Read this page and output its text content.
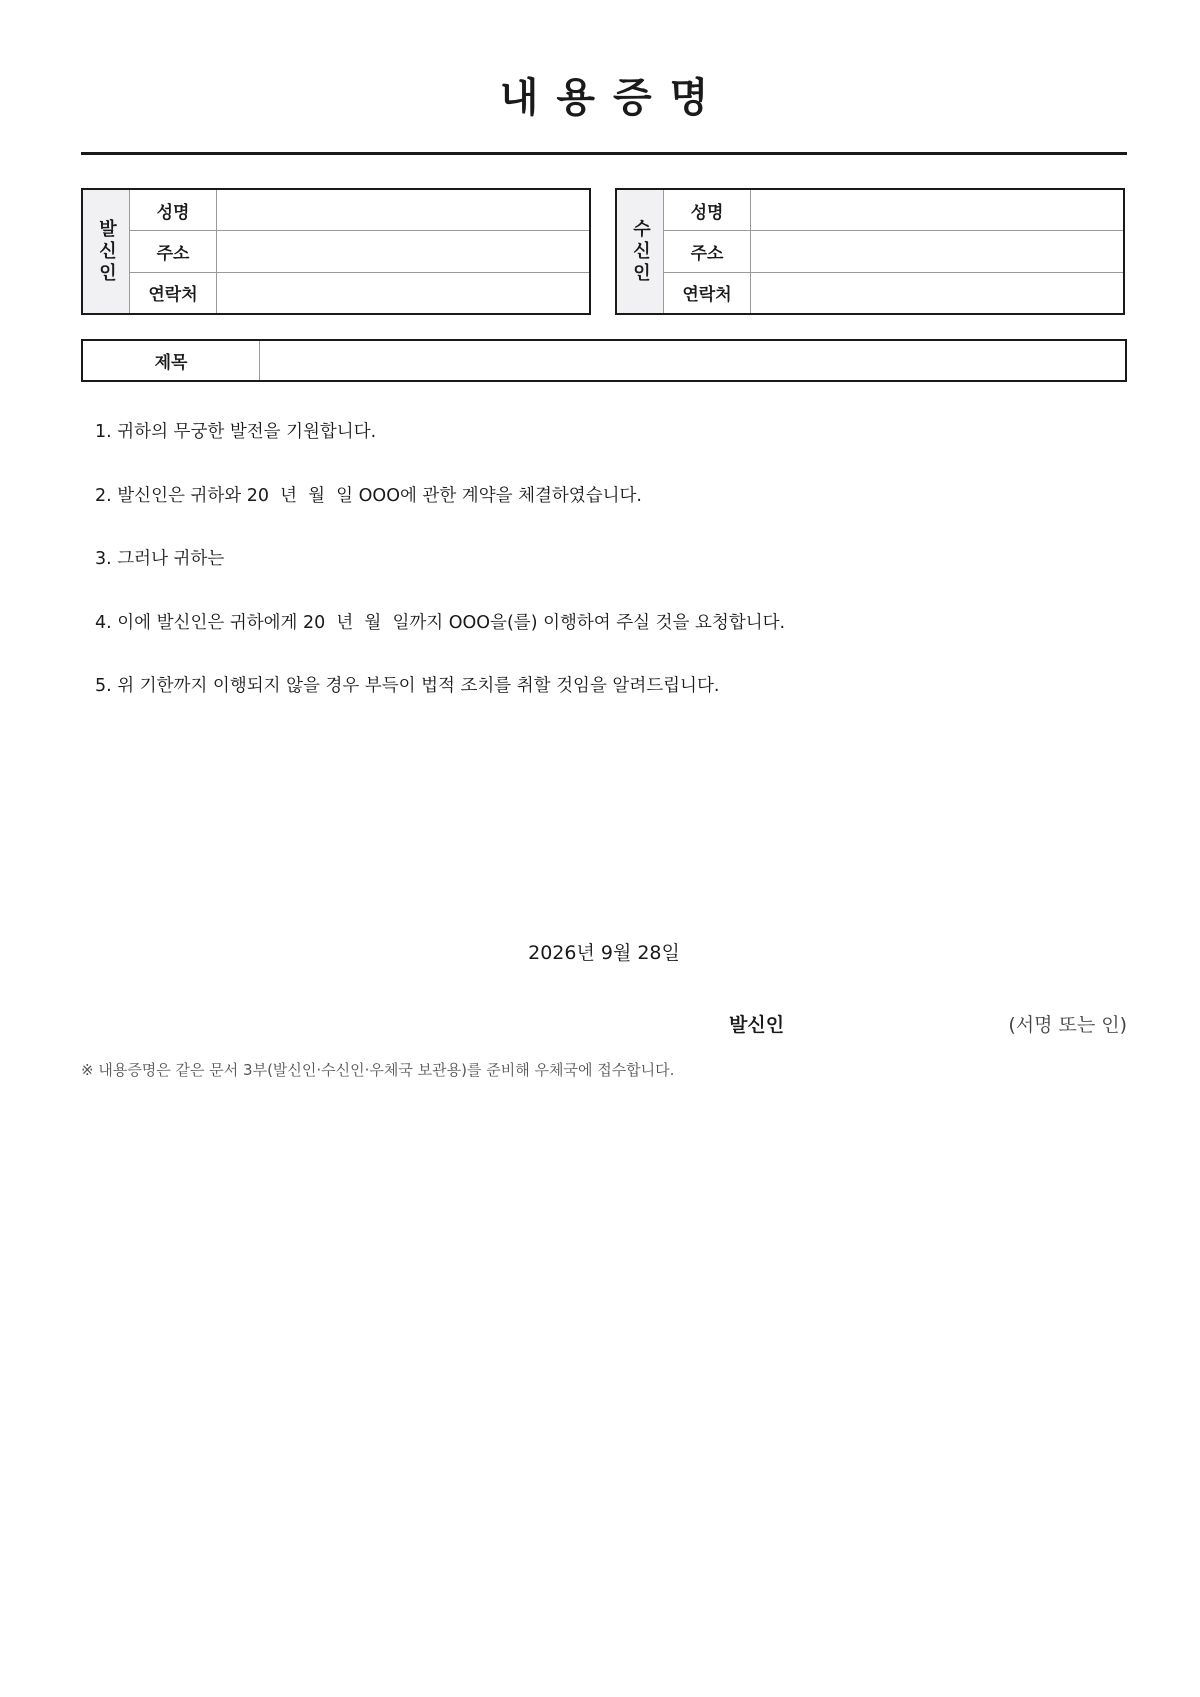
내용증명
발신인
성명
주소
연락처
수신인
성명
주소
연락처
제목
1. 귀하의 무궁한 발전을 기원합니다.
2. 발신인은 귀하와 20  년  월  일 OOO에 관한 계약을 체결하였습니다.
3. 그러나 귀하는
4. 이에 발신인은 귀하에게 20  년  월  일까지 OOO을(를) 이행하여 주실 것을 요청합니다.
5. 위 기한까지 이행되지 않을 경우 부득이 법적 조치를 취할 것임을 알려드립니다.
2026년 9월 28일
발신인	(서명 또는 인)
※ 내용증명은 같은 문서 3부(발신인·수신인·우체국 보관용)를 준비해 우체국에 접수합니다.
